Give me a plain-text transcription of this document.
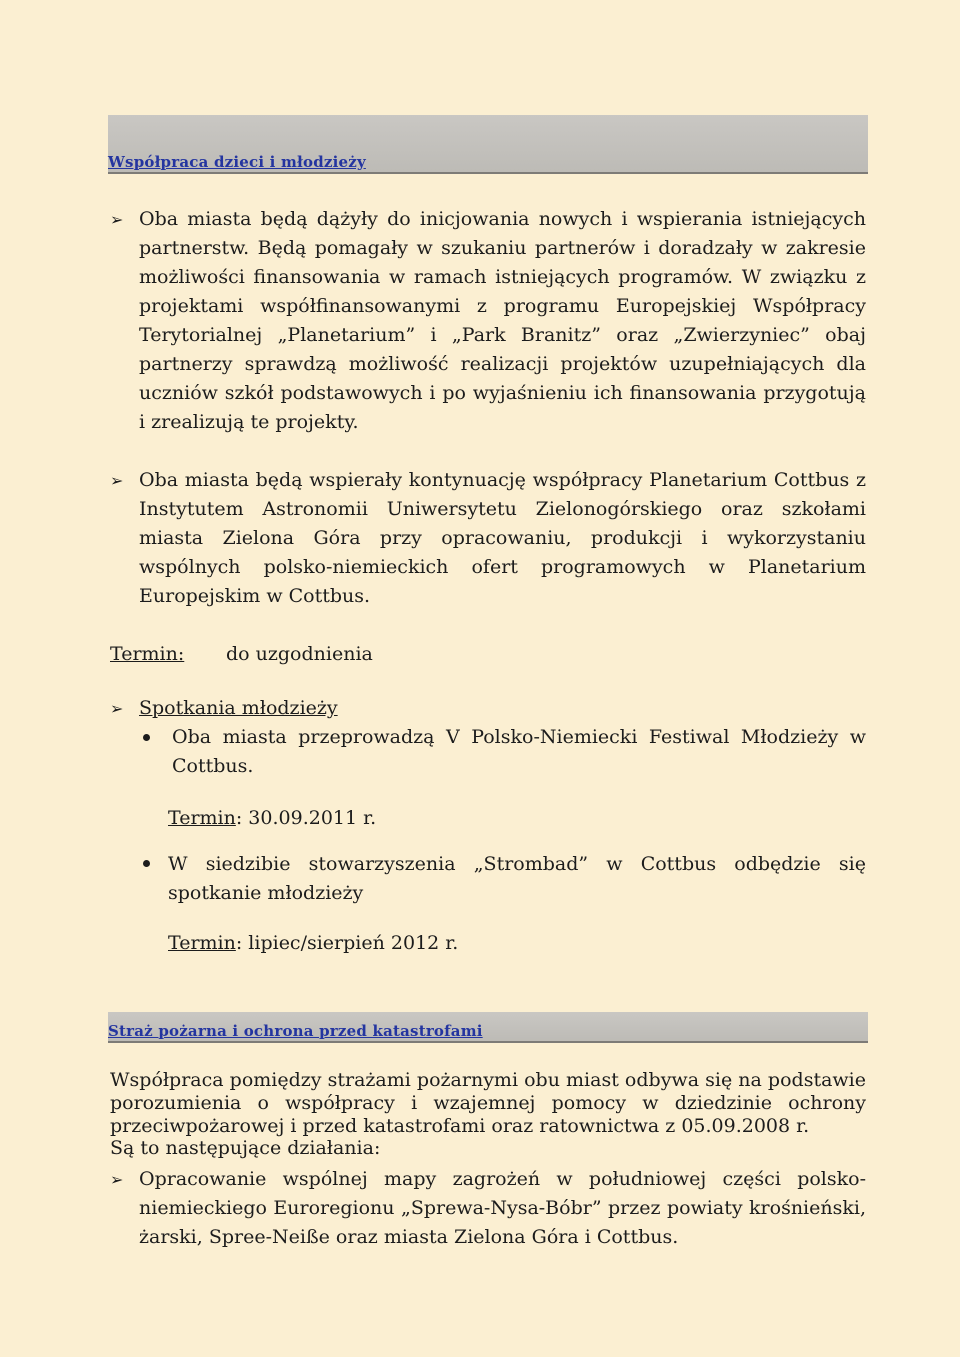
Współpraca dzieci i młodzieży
➢ Oba miasta będą dążyły do inicjowania nowych i wspierania istniejących partnerstw. Będą pomagały w szukaniu partnerów i doradzały w zakresie możliwości finansowania w ramach istniejących programów. W związku z projektami współfinansowanymi z programu Europejskiej Współpracy Terytorialnej „Planetarium” i „Park Branitz” oraz „Zwierzyniec” obaj partnerzy sprawdzą możliwość realizacji projektów uzupełniających dla uczniów szkół podstawowych i po wyjaśnieniu ich finansowania przygotują i zrealizują te projekty.

➢ Oba miasta będą wspierały kontynuację współpracy Planetarium Cottbus z Instytutem Astronomii Uniwersytetu Zielonogórskiego oraz szkołami miasta Zielona Góra przy opracowaniu, produkcji i wykorzystaniu wspólnych polsko-niemieckich ofert programowych w Planetarium Europejskim w Cottbus.

Termin: do uzgodnienia
➢ Spotkania młodzieży

Oba miasta przeprowadzą V Polsko-Niemiecki Festiwal Młodzieży w Cottbus.

Termin: 30.09.2011 r.

W siedzibie stowarzyszenia „Strombad” w Cottbus odbędzie się spotkanie młodzieży

Termin: lipiec/sierpień 2012 r.
Straż pożarna i ochrona przed katastrofami

Współpraca pomiędzy strażami pożarnymi obu miast odbywa się na podstawie porozumienia o współpracy i wzajemnej pomocy w dziedzinie ochrony przeciwpożarowej i przed katastrofami oraz ratownictwa z 05.09.2008 r.

Są to następujące działania:
➢ Opracowanie wspólnej mapy zagrożeń w południowej części polsko-niemieckiego Euroregionu „Sprewa-Nysa-Bóbr” przez powiaty krośnieński, żarski, Spree-Neiße oraz miasta Zielona Góra i Cottbus.
